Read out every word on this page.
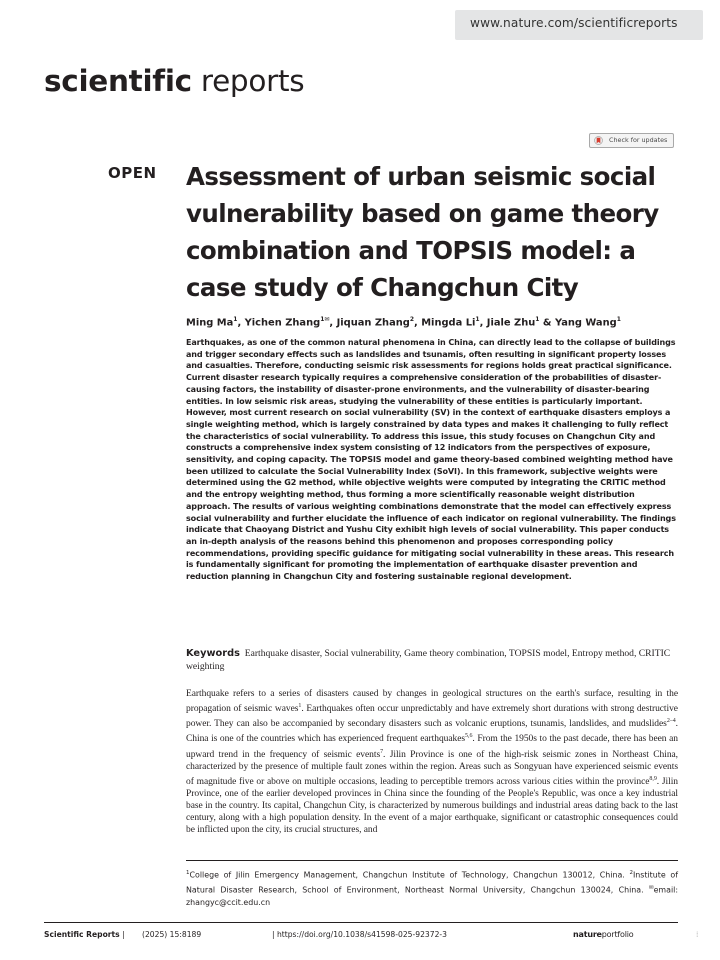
www.nature.com/scientificreports
scientific reports
Check for updates
OPEN Assessment of urban seismic social vulnerability based on game theory combination and TOPSIS model: a case study of Changchun City
Ming Ma$^1$, Yichen Zhang$^{1✉}$, Jiquan Zhang$^2$, Mingda Li$^1$, Jiale Zhu$^1$ & Yang Wang$^1$
Earthquakes, as one of the common natural phenomena in China, can directly lead to the collapse of buildings and trigger secondary effects such as landslides and tsunamis, often resulting in significant property losses and casualties. Therefore, conducting seismic risk assessments for regions holds great practical significance. Current disaster research typically requires a comprehensive consideration of the probabilities of disaster-causing factors, the instability of disaster-prone environments, and the vulnerability of disaster-bearing entities. In low seismic risk areas, studying the vulnerability of these entities is particularly important. However, most current research on social vulnerability (SV) in the context of earthquake disasters employs a single weighting method, which is largely constrained by data types and makes it challenging to fully reflect the characteristics of social vulnerability. To address this issue, this study focuses on Changchun City and constructs a comprehensive index system consisting of 12 indicators from the perspectives of exposure, sensitivity, and coping capacity. The TOPSIS model and game theory-based combined weighting method have been utilized to calculate the Social Vulnerability Index (SoVI). In this framework, subjective weights were determined using the G2 method, while objective weights were computed by integrating the CRITIC method and the entropy weighting method, thus forming a more scientifically reasonable weight distribution approach. The results of various weighting combinations demonstrate that the model can effectively express social vulnerability and further elucidate the influence of each indicator on regional vulnerability. The findings indicate that Chaoyang District and Yushu City exhibit high levels of social vulnerability. This paper conducts an in-depth analysis of the reasons behind this phenomenon and proposes corresponding policy recommendations, providing specific guidance for mitigating social vulnerability in these areas. This research is fundamentally significant for promoting the implementation of earthquake disaster prevention and reduction planning in Changchun City and fostering sustainable regional development.
Keywords Earthquake disaster, Social vulnerability, Game theory combination, TOPSIS model, Entropy method, CRITIC weighting
Earthquake refers to a series of disasters caused by changes in geological structures on the earth's surface, resulting in the propagation of seismic waves$^1$. Earthquakes often occur unpredictably and have extremely short durations with strong destructive power. They can also be accompanied by secondary disasters such as volcanic eruptions, tsunamis, landslides, and mudslides$^{2-4}$. China is one of the countries which has experienced frequent earthquakes$^{5,6}$. From the 1950s to the past decade, there has been an upward trend in the frequency of seismic events$^7$. Jilin Province is one of the high-risk seismic zones in Northeast China, characterized by the presence of multiple fault zones within the region. Areas such as Songyuan have experienced seismic events of magnitude five or above on multiple occasions, leading to perceptible tremors across various cities within the province$^{8,9}$. Jilin Province, one of the earlier developed provinces in China since the founding of the People's Republic, was once a key industrial base in the country. Its capital, Changchun City, is characterized by numerous buildings and industrial areas dating back to the last century, along with a high population density. In the event of a major earthquake, significant or catastrophic consequences could be inflicted upon the city, its crucial structures, and
$^1$College of Jilin Emergency Management, Changchun Institute of Technology, Changchun 130012, China. $^2$Institute of Natural Disaster Research, School of Environment, Northeast Normal University, Changchun 130024, China. ✉email: zhangyc@ccit.edu.cn
Scientific Reports | (2025) 15:8189	| https://doi.org/10.1038/s41598-025-92372-3	natureportfolio	⁞
